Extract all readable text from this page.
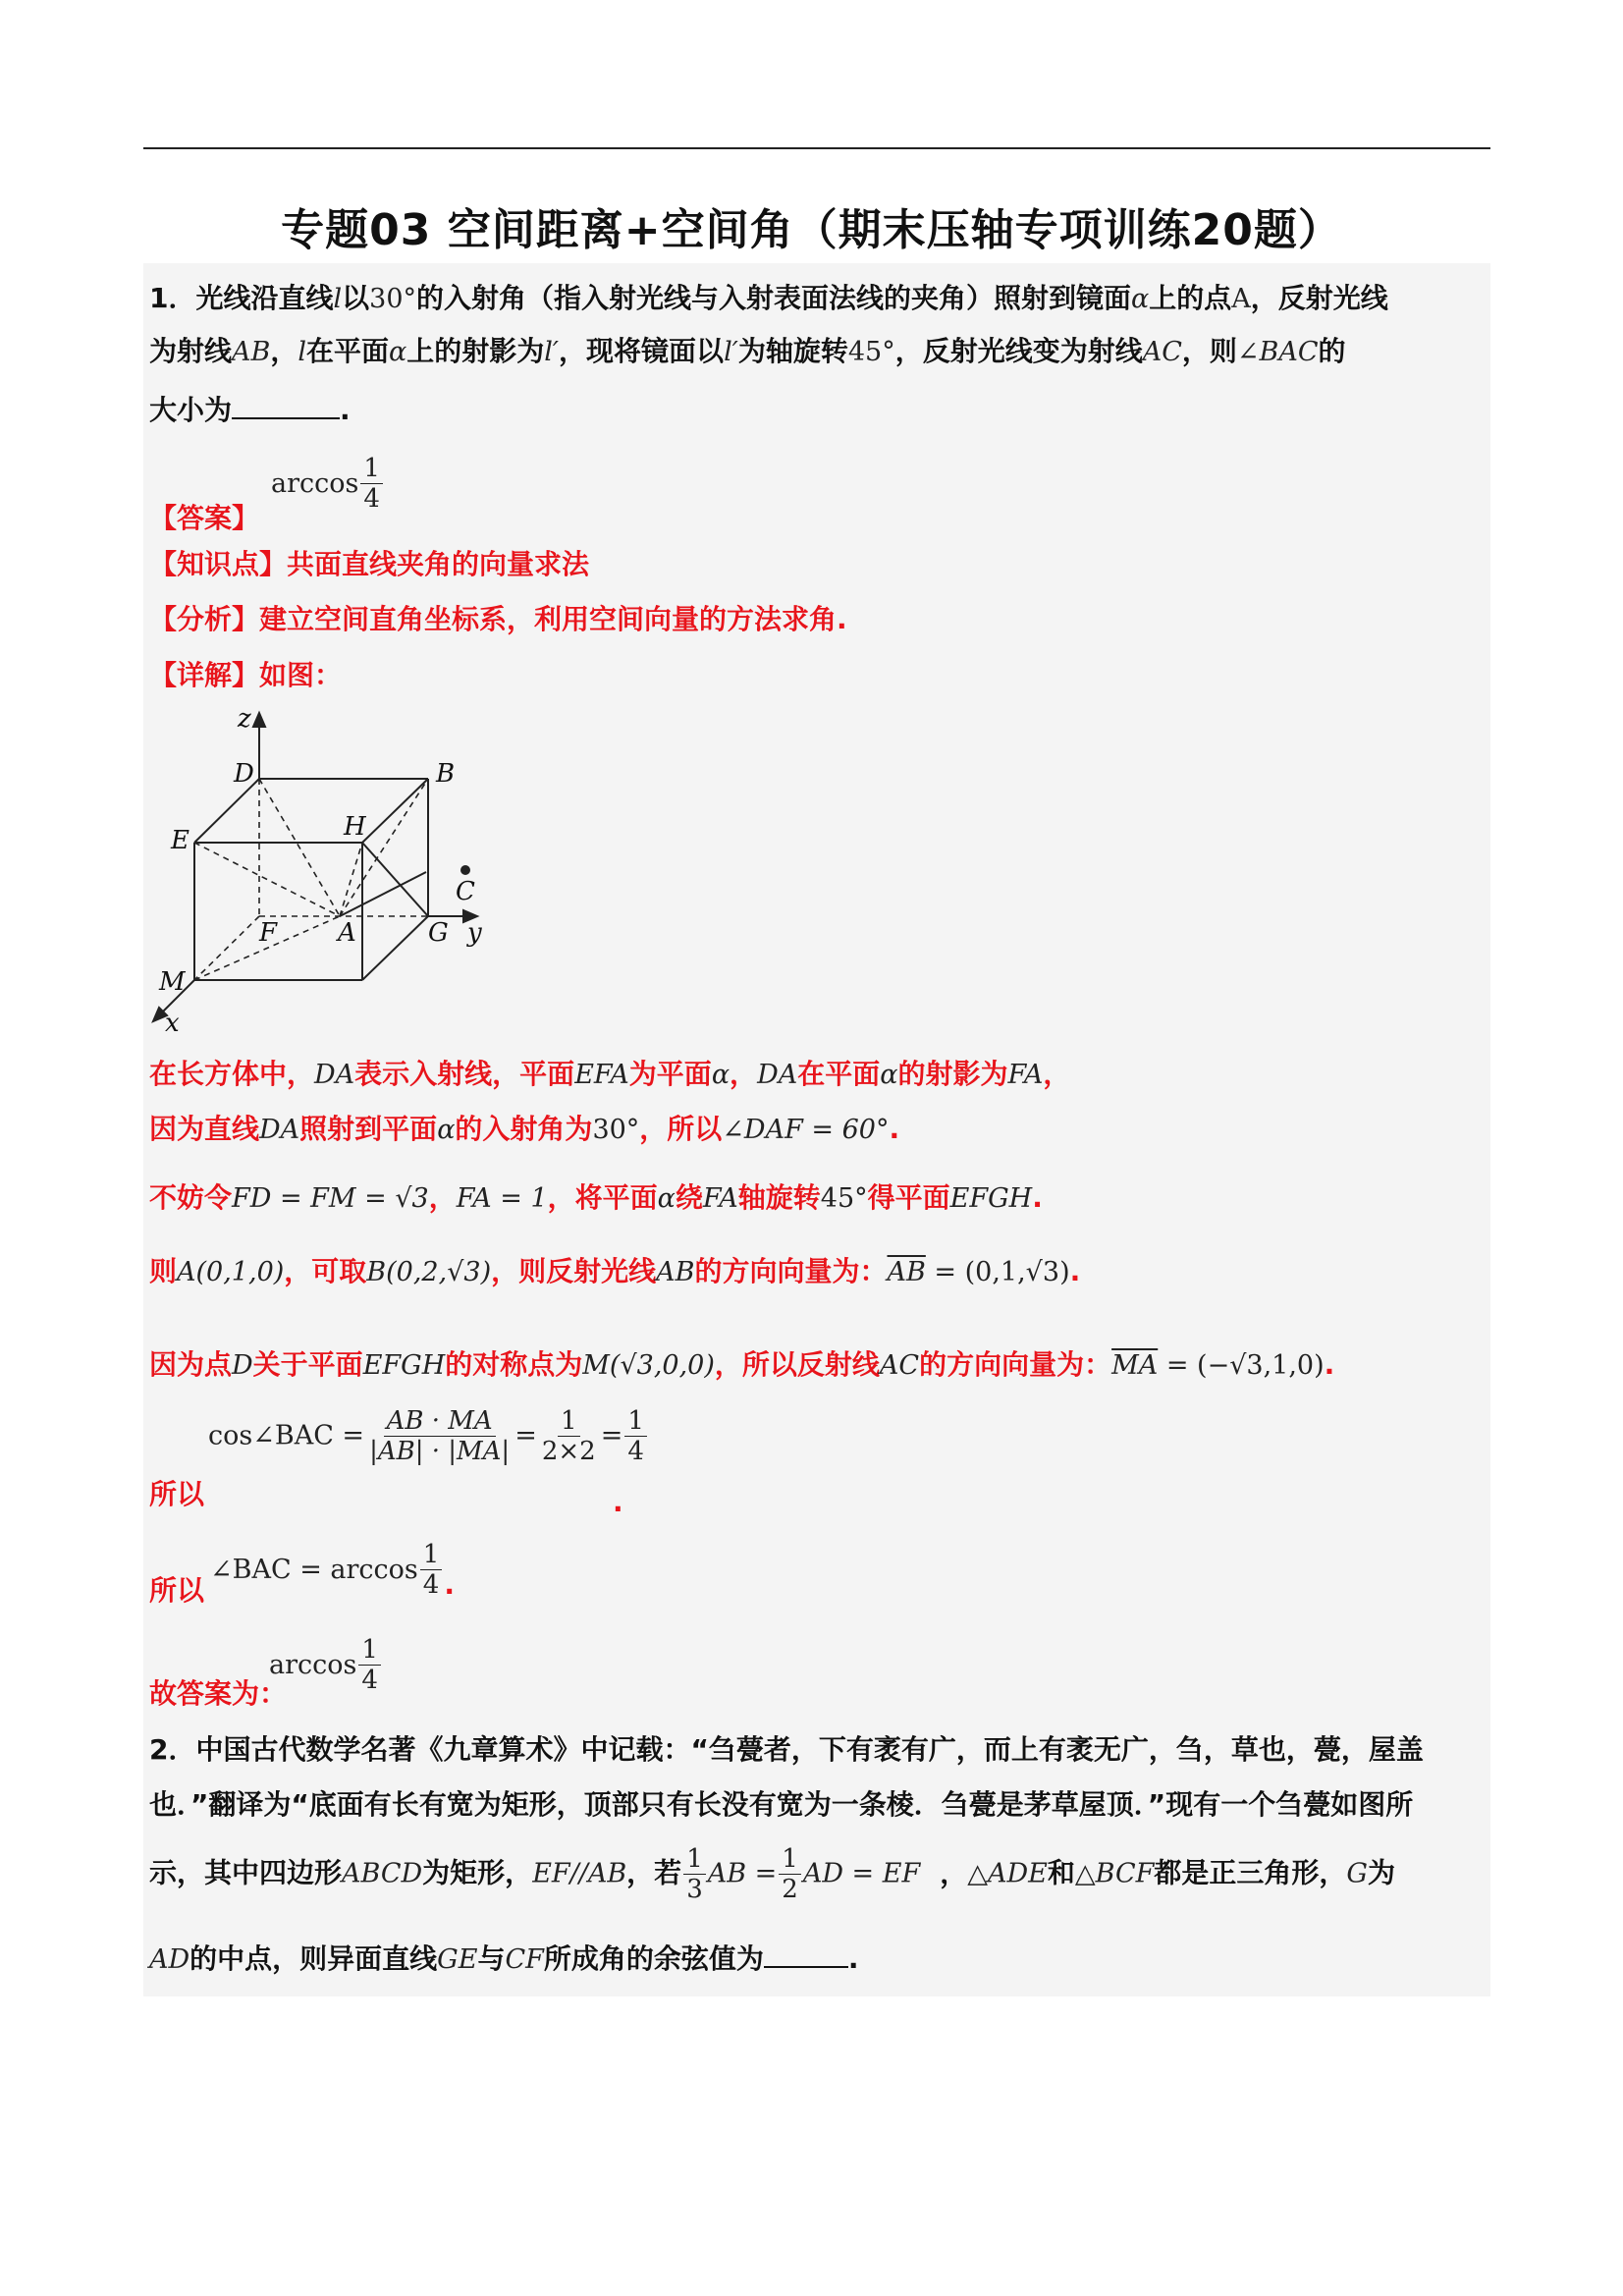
专题03 空间距离+空间角（期末压轴专项训练20题）
1．光线沿直线l以30°的入射角（指入射光线与入射表面法线的夹角）照射到镜面α上的点A，反射光线
为射线AB，l在平面α上的射影为l′，现将镜面以l′为轴旋转45°，反射光线变为射线AC，则∠BAC的
大小为	.
【答案】$\arccos \frac{1}{4}$
【知识点】共面直线夹角的向量求法
【分析】建立空间直角坐标系，利用空间向量的方法求角.
【详解】如图：
z
D	B
E	H
C
F A	G y
M
x
在长方体中，DA表示入射线，平面EFA为平面α，DA在平面α的射影为FA，
因为直线DA照射到平面α的入射角为30°，所以∠DAF = 60°.
不妨令FD = FM = √3，FA = 1，将平面α绕FA轴旋转45°得平面EFGH.
则A(0,1,0)，可取B(0,2,√3)，则反射光线AB的方向向量为：$\overline{AB} = (0,1,√3)$.
因为点D关于平面EFGH的对称点为M(√3,0,0)，所以反射线AC的方向向量为：$\overline{MA} = (-√3,1,0)$.
cos∠BAC = $\frac{AB \cdot MA}{|AB| \cdot |MA|} = \frac{1}{2\times 2} = \frac{1}{4}$
所以	.
所以∠BAC = $\arccos \frac{1}{4}$ .
故答案为：$\arccos \frac{1}{4}$
2．中国古代数学名著《九章算术》中记载：“刍甍者，下有袤有广，而上有袤无广，刍，草也，甍，屋盖
也．”翻译为“底面有长有宽为矩形，顶部只有长没有宽为一条棱．刍甍是茅草屋顶．”现有一个刍甍如图所
示，其中四边形ABCD为矩形，EF//AB，若 $\frac{1}{3}$ AB = $\frac{1}{2}$ AD = EF ，△ADE和△BCF都是正三角形，G为
AD的中点，则异面直线GE与CF所成角的余弦值为	.
